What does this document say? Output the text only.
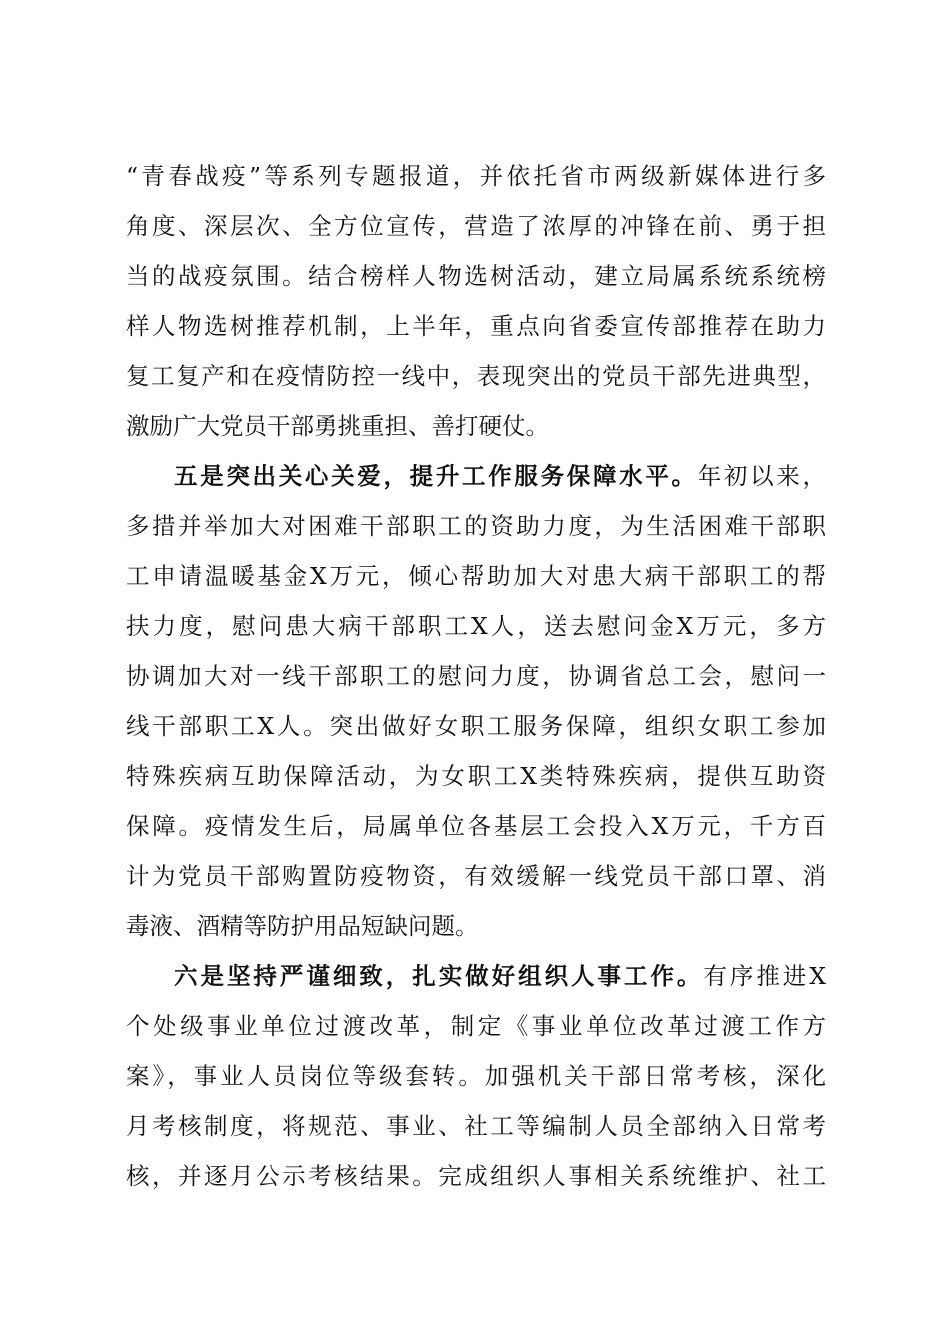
“青春战疫”等系列专题报道，并依托省市两级新媒体进行多
角度、深层次、全方位宣传，营造了浓厚的冲锋在前、勇于担
当的战疫氛围。结合榜样人物选树活动，建立局属系统系统榜
样人物选树推荐机制，上半年，重点向省委宣传部推荐在助力
复工复产和在疫情防控一线中，表现突出的党员干部先进典型，
激励广大党员干部勇挑重担、善打硬仗。
五是突出关心关爱，提升工作服务保障水平。年初以来，
多措并举加大对困难干部职工的资助力度，为生活困难干部职
工申请温暖基金X万元，倾心帮助加大对患大病干部职工的帮
扶力度，慰问患大病干部职工X人，送去慰问金X万元，多方
协调加大对一线干部职工的慰问力度，协调省总工会，慰问一
线干部职工X人。突出做好女职工服务保障，组织女职工参加
特殊疾病互助保障活动，为女职工X类特殊疾病，提供互助资
保障。疫情发生后，局属单位各基层工会投入X万元，千方百
计为党员干部购置防疫物资，有效缓解一线党员干部口罩、消
毒液、酒精等防护用品短缺问题。
六是坚持严谨细致，扎实做好组织人事工作。有序推进X
个处级事业单位过渡改革，制定《事业单位改革过渡工作方
案》，事业人员岗位等级套转。加强机关干部日常考核，深化
月考核制度，将规范、事业、社工等编制人员全部纳入日常考
核，并逐月公示考核结果。完成组织人事相关系统维护、社工
